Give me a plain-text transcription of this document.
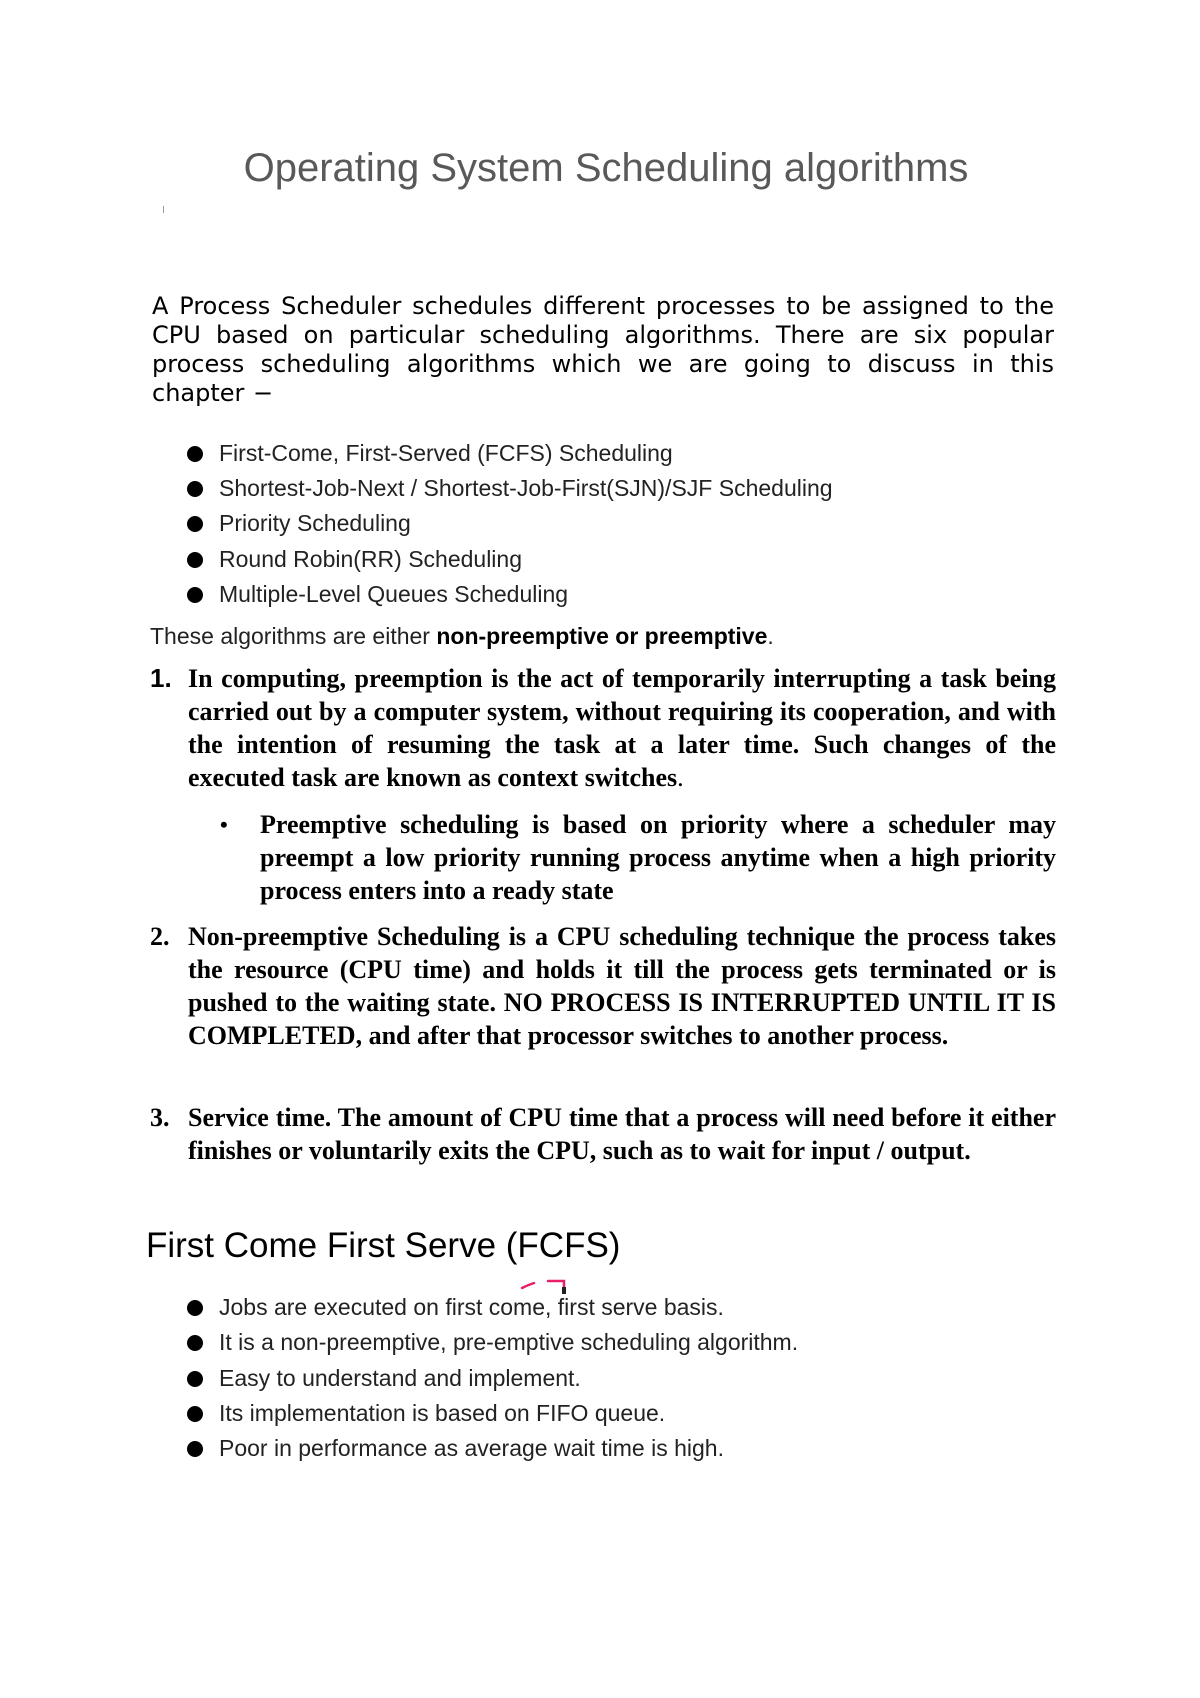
Operating System Scheduling algorithms

A Process Scheduler schedules different processes to be assigned to the CPU based on particular scheduling algorithms. There are six popular process scheduling algorithms which we are going to discuss in this chapter −

First-Come, First-Served (FCFS) Scheduling
Shortest-Job-Next / Shortest-Job-First(SJN)/SJF Scheduling
Priority Scheduling
Round Robin(RR) Scheduling
Multiple-Level Queues Scheduling
These algorithms are either non-preemptive or preemptive.
1. In computing, preemption is the act of temporarily interrupting a task being carried out by a computer system, without requiring its cooperation, and with the intention of resuming the task at a later time. Such changes of the executed task are known as context switches.
• Preemptive scheduling is based on priority where a scheduler may preempt a low priority running process anytime when a high priority process enters into a ready state
2. Non-preemptive Scheduling is a CPU scheduling technique the process takes the resource (CPU time) and holds it till the process gets terminated or is pushed to the waiting state. NO PROCESS IS INTERRUPTED UNTIL IT IS COMPLETED, and after that processor switches to another process.
3. Service time. The amount of CPU time that a process will need before it either finishes or voluntarily exits the CPU, such as to wait for input / output.
First Come First Serve (FCFS)
Jobs are executed on first come, first serve basis.
It is a non-preemptive, pre-emptive scheduling algorithm.
Easy to understand and implement.
Its implementation is based on FIFO queue.
Poor in performance as average wait time is high.
